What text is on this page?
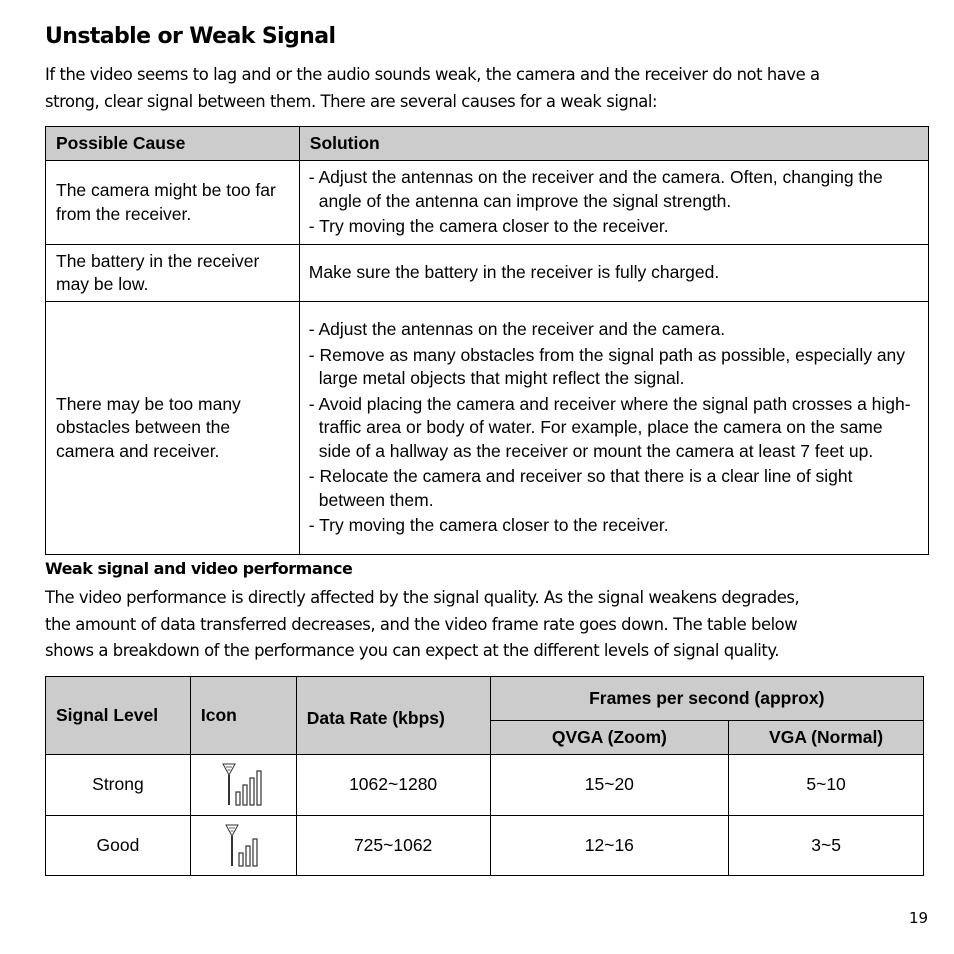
Unstable or Weak Signal
If the video seems to lag and or the audio sounds weak, the camera and the receiver do not have a
strong, clear signal between them. There are several causes for a weak signal:
Possible Cause	Solution
The camera might be too far from the receiver.	- Adjust the antennas on the receiver and the camera. Often, changing the angle of the antenna can improve the signal strength.
- Try moving the camera closer to the receiver.

The battery in the receiver may be low.	Make sure the battery in the receiver is fully charged.

There may be too many obstacles between the camera and receiver.	- Adjust the antennas on the receiver and the camera.
- Remove as many obstacles from the signal path as possible, especially any large metal objects that might reflect the signal.
- Avoid placing the camera and receiver where the signal path crosses a high-traffic area or body of water. For example, place the camera on the same side of a hallway as the receiver or mount the camera at least 7 feet up.
- Relocate the camera and receiver so that there is a clear line of sight between them.
- Try moving the camera closer to the receiver.
Weak signal and video performance
The video performance is directly affected by the signal quality. As the signal weakens degrades,
the amount of data transferred decreases, and the video frame rate goes down. The table below
shows a breakdown of the performance you can expect at the different levels of signal quality.
Signal Level	Icon	Data Rate (kbps)	Frames per second (approx)	
			QVGA (Zoom)	VGA (Normal)
Strong		1062~1280	15~20	5~10
Good		725~1062	12~16	3~5
19
